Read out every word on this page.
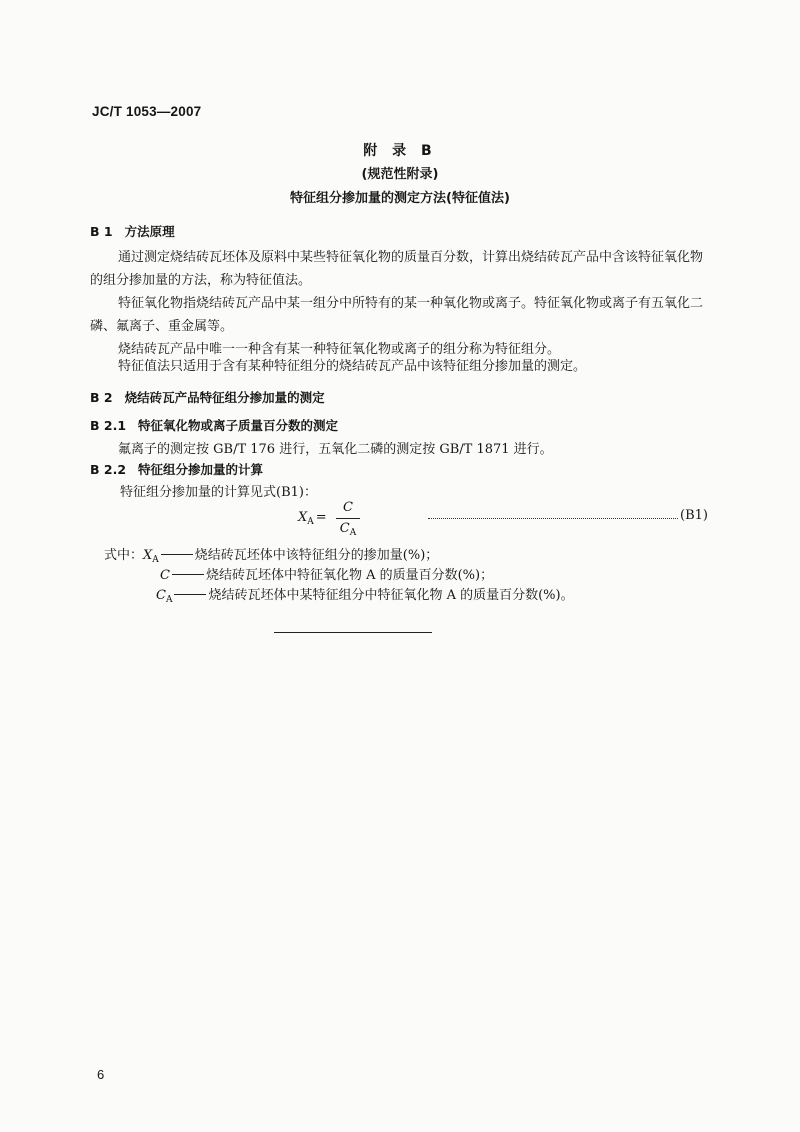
JC/T 1053—2007
附 录 B
(规范性附录)
特征组分掺加量的测定方法(特征值法)
B 1 方法原理
通过测定烧结砖瓦坯体及原料中某些特征氧化物的质量百分数，计算出烧结砖瓦产品中含该特征氧化物的组分掺加量的方法，称为特征值法。
特征氧化物指烧结砖瓦产品中某一组分中所特有的某一种氧化物或离子。特征氧化物或离子有五氧化二磷、氟离子、重金属等。
烧结砖瓦产品中唯一一种含有某一种特征氧化物或离子的组分称为特征组分。
特征值法只适用于含有某种特征组分的烧结砖瓦产品中该特征组分掺加量的测定。
B 2 烧结砖瓦产品特征组分掺加量的测定
B 2.1 特征氧化物或离子质量百分数的测定
氟离子的测定按 GB/T 176 进行，五氧化二磷的测定按 GB/T 1871 进行。
B 2.2 特征组分掺加量的计算
特征组分掺加量的计算见式(B1)：
$X_A$ =
C
$C_A$
(B1)
式中：$X_A$	烧结砖瓦坯体中该特征组分的掺加量(%)；
C	烧结砖瓦坯体中特征氧化物 A 的质量百分数(%)；
$C_A$	烧结砖瓦坯体中某特征组分中特征氧化物 A 的质量百分数(%)。
6
